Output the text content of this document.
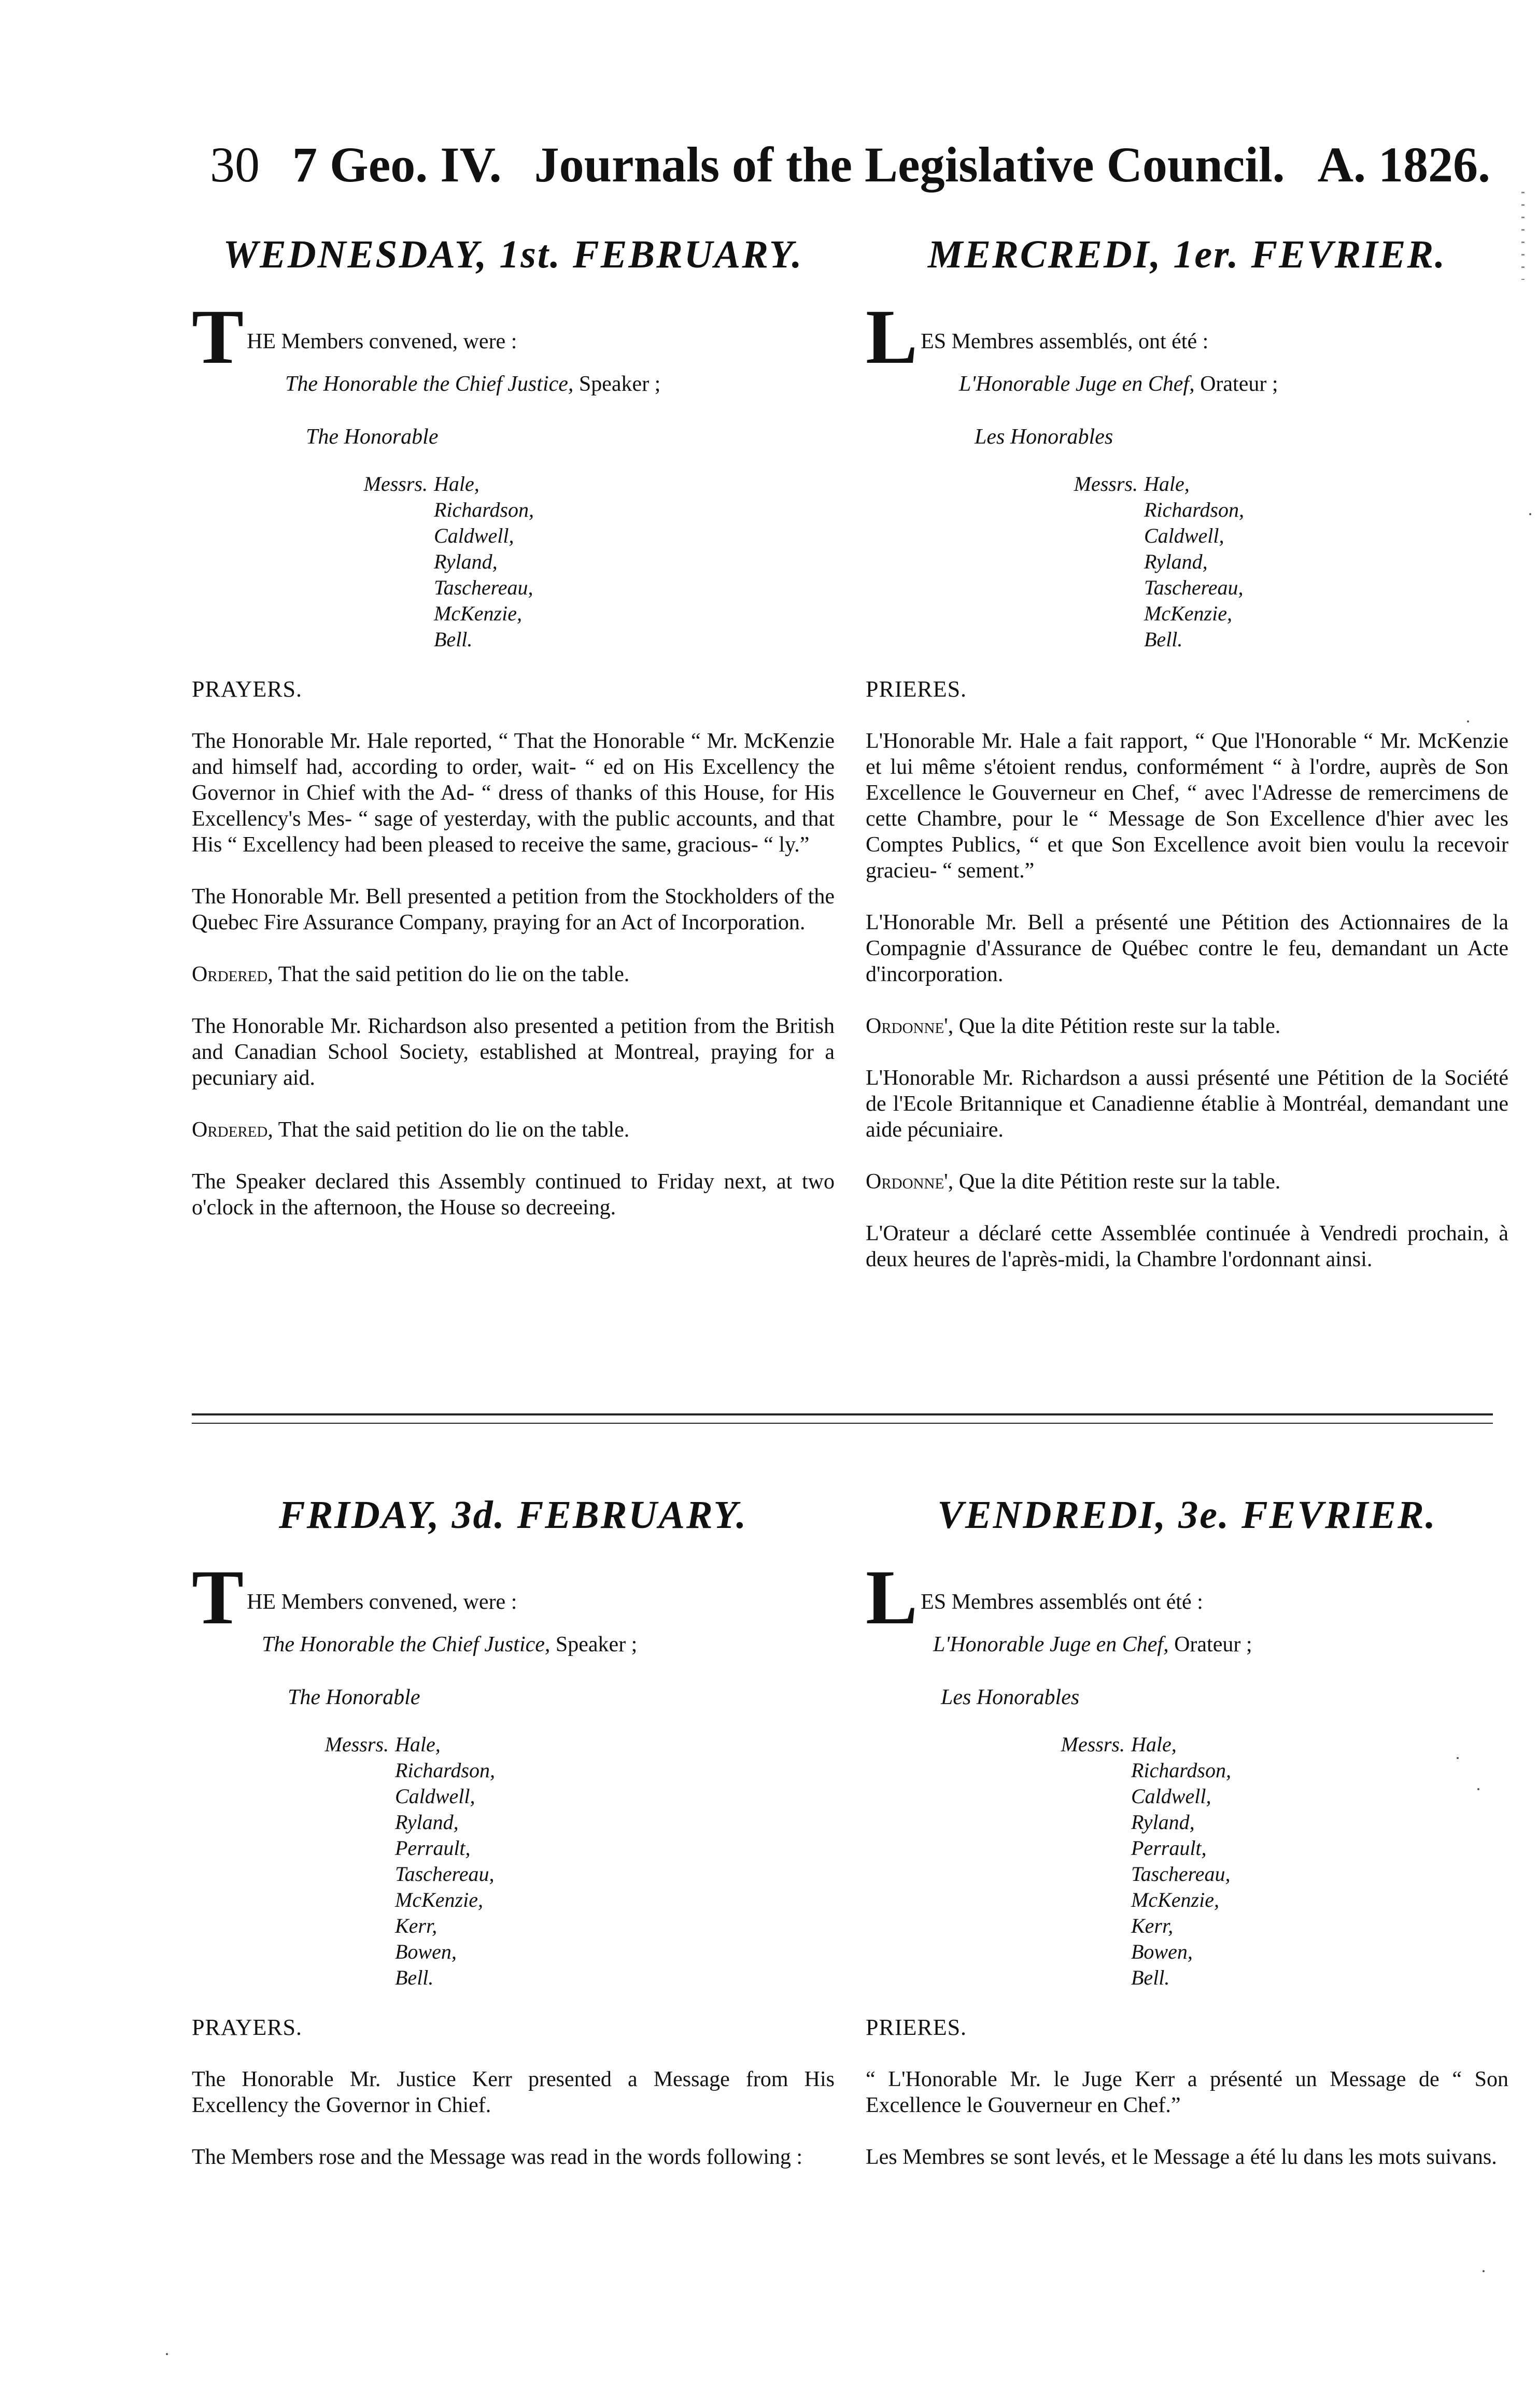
30 7 Geo. IV. Journals of the Legislative Council. A. 1826.
WEDNESDAY, 1st. FEBRUARY.
T HE Members convened, were :
The Honorable the Chief Justice, Speaker ;
The Honorable
Messrs. Hale,
Richardson,
Caldwell,
Ryland,
Taschereau,
McKenzie,
Bell.
PRAYERS.

The Honorable Mr. Hale reported, “ That the Honorable “ Mr. McKenzie and himself had, according to order, wait- “ ed on His Excellency the Governor in Chief with the Ad- “ dress of thanks of this House, for His Excellency's Mes- “ sage of yesterday, with the public accounts, and that His “ Excellency had been pleased to receive the same, gracious- “ ly.”

The Honorable Mr. Bell presented a petition from the Stockholders of the Quebec Fire Assurance Company, praying for an Act of Incorporation.

Ordered, That the said petition do lie on the table.

The Honorable Mr. Richardson also presented a petition from the British and Canadian School Society, established at Montreal, praying for a pecuniary aid.

Ordered, That the said petition do lie on the table.

The Speaker declared this Assembly continued to Friday next, at two o'clock in the afternoon, the House so decreeing.

MERCREDI, 1er. FEVRIER.
L ES Membres assemblés, ont été :
L'Honorable Juge en Chef, Orateur ;
Les Honorables
Messrs. Hale,
Richardson,
Caldwell,
Ryland,
Taschereau,
McKenzie,
Bell.
PRIERES.

L'Honorable Mr. Hale a fait rapport, “ Que l'Honorable “ Mr. McKenzie et lui même s'étoient rendus, conformément “ à l'ordre, auprès de Son Excellence le Gouverneur en Chef, “ avec l'Adresse de remercimens de cette Chambre, pour le “ Message de Son Excellence d'hier avec les Comptes Publics, “ et que Son Excellence avoit bien voulu la recevoir gracieu- “ sement.”

L'Honorable Mr. Bell a présenté une Pétition des Actionnaires de la Compagnie d'Assurance de Québec contre le feu, demandant un Acte d'incorporation.

Ordonne', Que la dite Pétition reste sur la table.

L'Honorable Mr. Richardson a aussi présenté une Pétition de la Société de l'Ecole Britannique et Canadienne établie à Montréal, demandant une aide pécuniaire.

Ordonne', Que la dite Pétition reste sur la table.

L'Orateur a déclaré cette Assemblée continuée à Vendredi prochain, à deux heures de l'après-midi, la Chambre l'ordonnant ainsi.

FRIDAY, 3d. FEBRUARY.
T HE Members convened, were :
The Honorable the Chief Justice, Speaker ;
The Honorable
Messrs. Hale,
Richardson,
Caldwell,
Ryland,
Perrault,
Taschereau,
McKenzie,
Kerr,
Bowen,
Bell.
PRAYERS.

The Honorable Mr. Justice Kerr presented a Message from His Excellency the Governor in Chief.

The Members rose and the Message was read in the words following :

VENDREDI, 3e. FEVRIER.
L ES Membres assemblés ont été :
L'Honorable Juge en Chef, Orateur ;
Les Honorables
Messrs. Hale,
Richardson,
Caldwell,
Ryland,
Perrault,
Taschereau,
McKenzie,
Kerr,
Bowen,
Bell.
PRIERES.

“ L'Honorable Mr. le Juge Kerr a présenté un Message de “ Son Excellence le Gouverneur en Chef.”

Les Membres se sont levés, et le Message a été lu dans les mots suivans.
